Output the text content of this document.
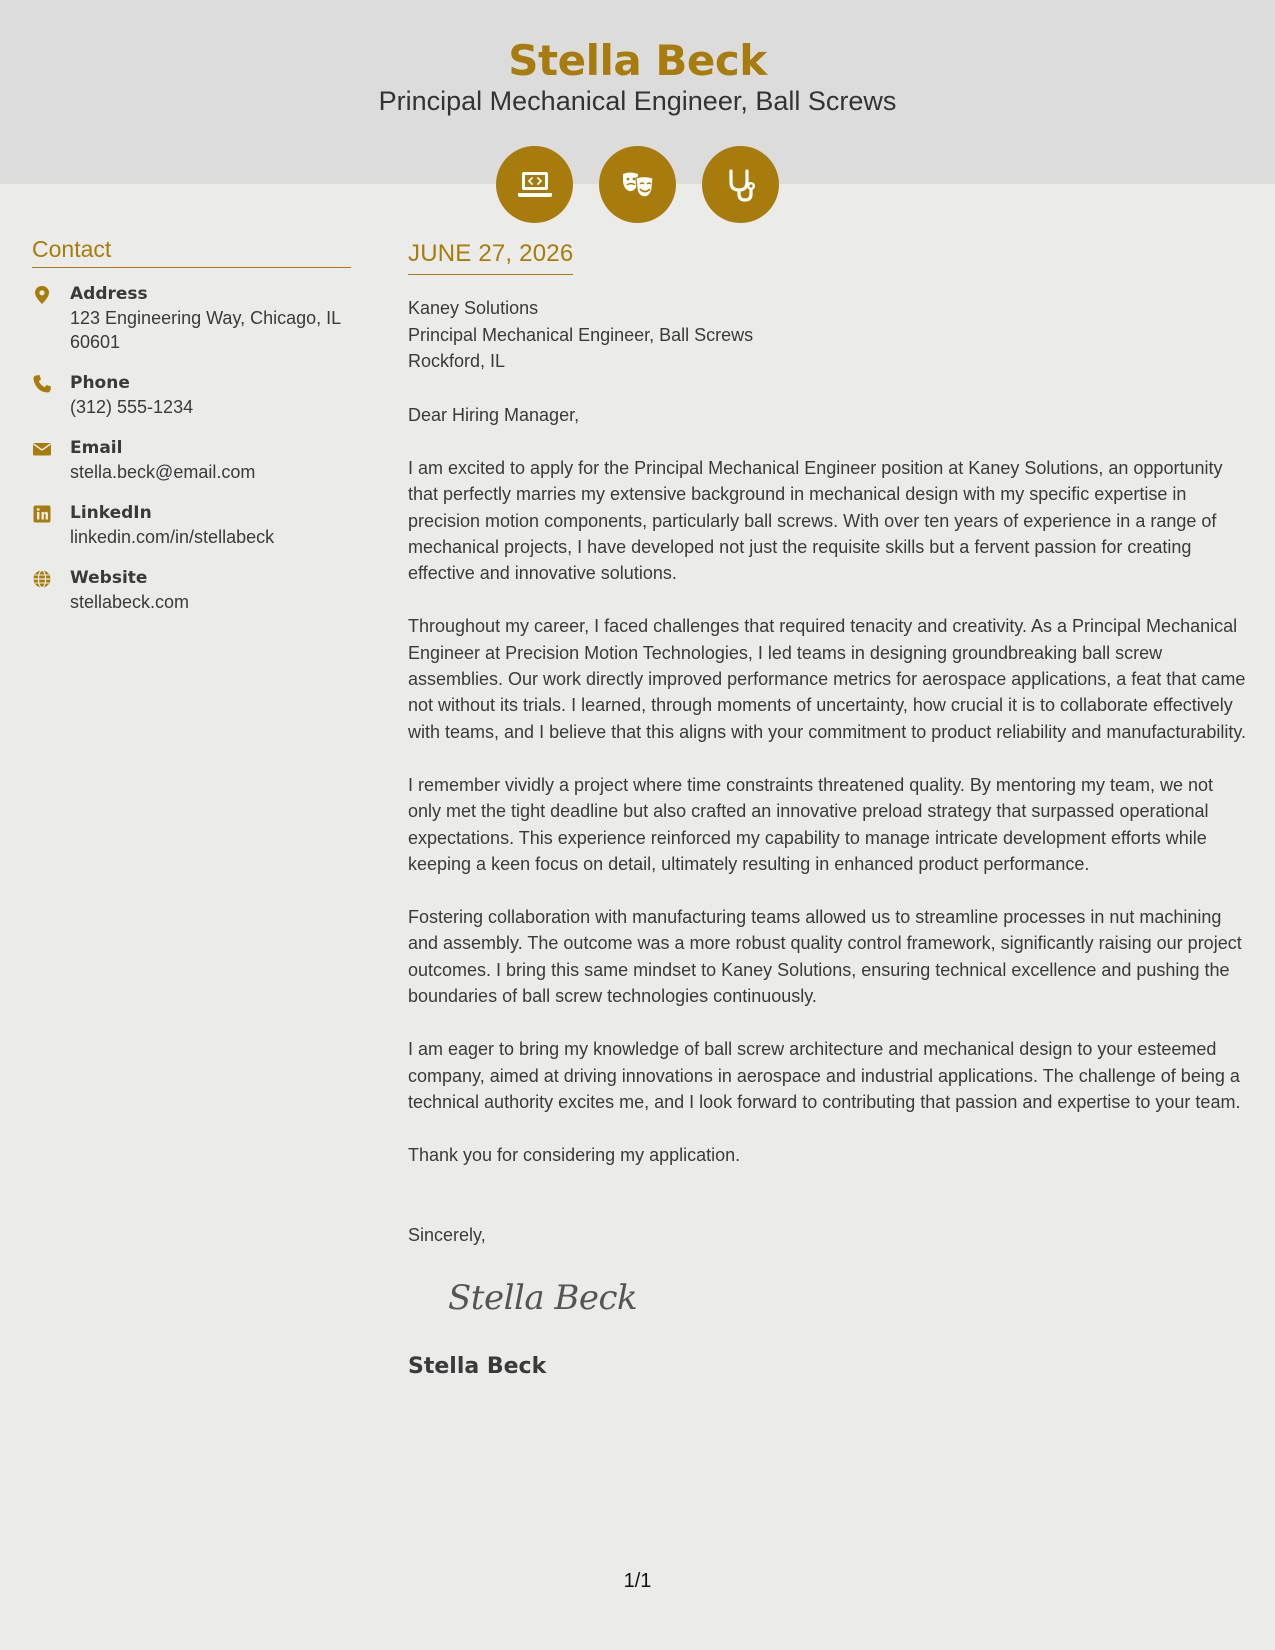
Stella Beck
Principal Mechanical Engineer, Ball Screws
Contact
Address
123 Engineering Way, Chicago, IL 60601
Phone
(312) 555-1234
Email
stella.beck@email.com
LinkedIn
linkedin.com/in/stellabeck
Website
stellabeck.com
JUNE 27, 2026
Kaney Solutions
Principal Mechanical Engineer, Ball Screws
Rockford, IL
Dear Hiring Manager,
I am excited to apply for the Principal Mechanical Engineer position at Kaney Solutions, an opportunity that perfectly marries my extensive background in mechanical design with my specific expertise in precision motion components, particularly ball screws. With over ten years of experience in a range of mechanical projects, I have developed not just the requisite skills but a fervent passion for creating effective and innovative solutions.
Throughout my career, I faced challenges that required tenacity and creativity. As a Principal Mechanical Engineer at Precision Motion Technologies, I led teams in designing groundbreaking ball screw assemblies. Our work directly improved performance metrics for aerospace applications, a feat that came not without its trials. I learned, through moments of uncertainty, how crucial it is to collaborate effectively with teams, and I believe that this aligns with your commitment to product reliability and manufacturability.
I remember vividly a project where time constraints threatened quality. By mentoring my team, we not only met the tight deadline but also crafted an innovative preload strategy that surpassed operational expectations. This experience reinforced my capability to manage intricate development efforts while keeping a keen focus on detail, ultimately resulting in enhanced product performance.
Fostering collaboration with manufacturing teams allowed us to streamline processes in nut machining and assembly. The outcome was a more robust quality control framework, significantly raising our project outcomes. I bring this same mindset to Kaney Solutions, ensuring technical excellence and pushing the boundaries of ball screw technologies continuously.
I am eager to bring my knowledge of ball screw architecture and mechanical design to your esteemed company, aimed at driving innovations in aerospace and industrial applications. The challenge of being a technical authority excites me, and I look forward to contributing that passion and expertise to your team.
Thank you for considering my application.
Sincerely,
Stella Beck
Stella Beck
1/1
